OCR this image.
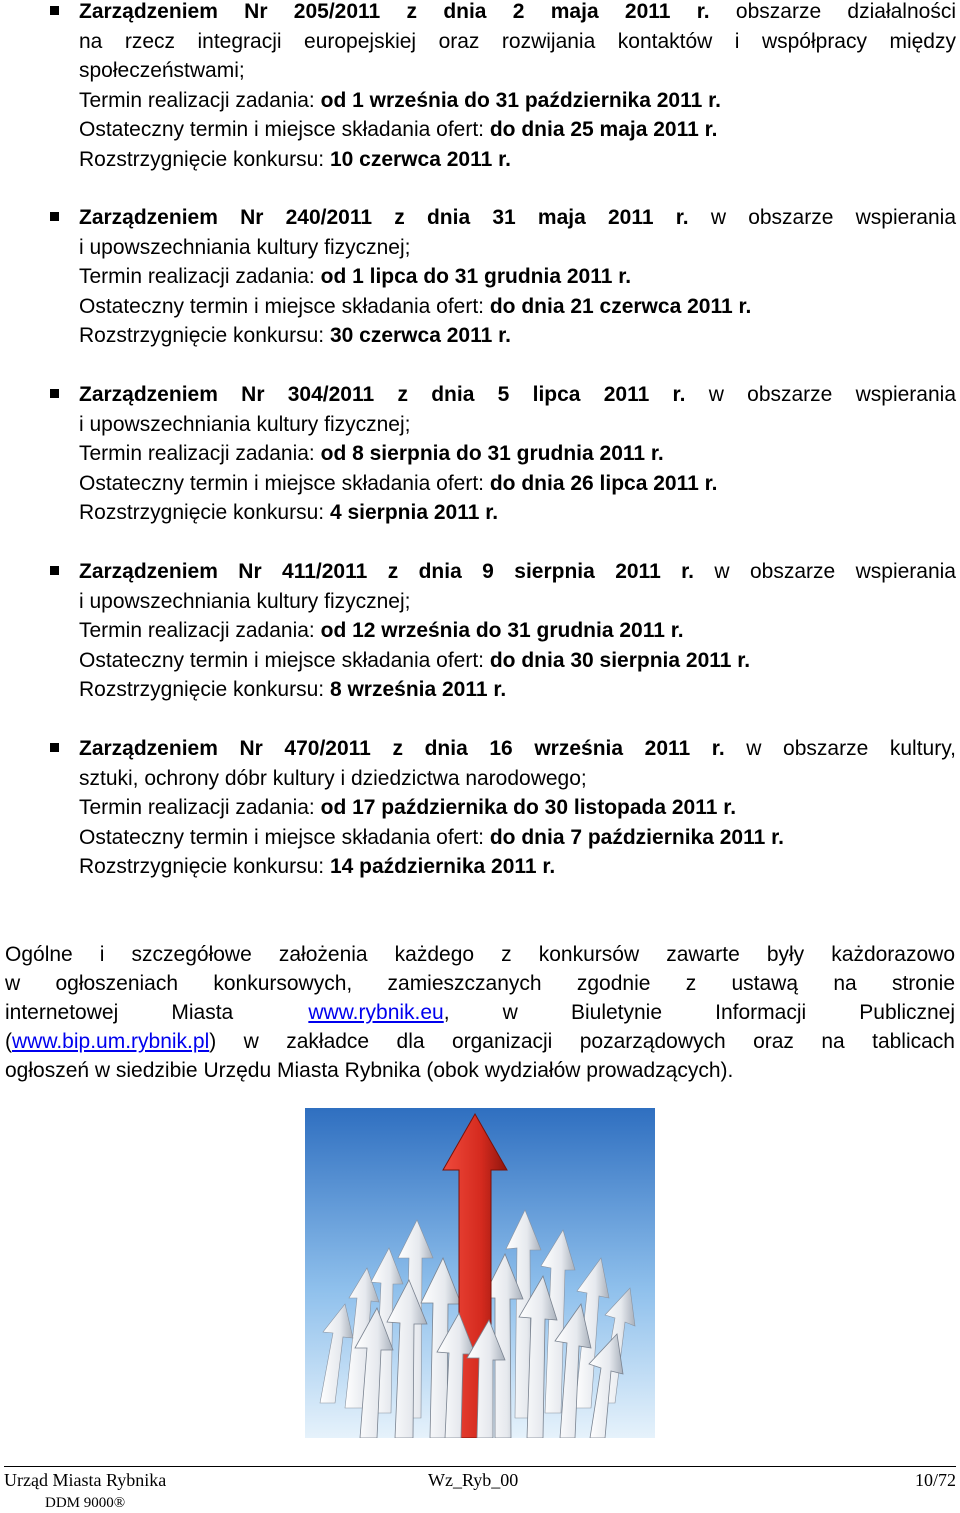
Zarządzeniem Nr 205/2011 z dnia 2 maja 2011 r. obszarze działalności
na rzecz integracji europejskiej oraz rozwijania kontaktów i współpracy między
społeczeństwami;
Termin realizacji zadania: od 1 września do 31 października 2011 r.
Ostateczny termin i miejsce składania ofert: do dnia 25 maja 2011 r.
Rozstrzygnięcie konkursu: 10 czerwca 2011 r.
Zarządzeniem Nr 240/2011 z dnia 31 maja 2011 r. w obszarze wspierania
i upowszechniania kultury fizycznej;
Termin realizacji zadania: od 1 lipca do 31 grudnia 2011 r.
Ostateczny termin i miejsce składania ofert: do dnia 21 czerwca 2011 r.
Rozstrzygnięcie konkursu: 30 czerwca 2011 r.
Zarządzeniem Nr 304/2011 z dnia 5 lipca 2011 r. w obszarze wspierania
i upowszechniania kultury fizycznej;
Termin realizacji zadania: od 8 sierpnia do 31 grudnia 2011 r.
Ostateczny termin i miejsce składania ofert: do dnia 26 lipca 2011 r.
Rozstrzygnięcie konkursu: 4 sierpnia 2011 r.
Zarządzeniem Nr 411/2011 z dnia 9 sierpnia 2011 r. w obszarze wspierania
i upowszechniania kultury fizycznej;
Termin realizacji zadania: od 12 września do 31 grudnia 2011 r.
Ostateczny termin i miejsce składania ofert: do dnia 30 sierpnia 2011 r.
Rozstrzygnięcie konkursu: 8 września 2011 r.
Zarządzeniem Nr 470/2011 z dnia 16 września 2011 r. w obszarze kultury,
sztuki, ochrony dóbr kultury i dziedzictwa narodowego;
Termin realizacji zadania: od 17 października do 30 listopada 2011 r.
Ostateczny termin i miejsce składania ofert: do dnia 7 października 2011 r.
Rozstrzygnięcie konkursu: 14 października 2011 r.
Ogólne i szczegółowe założenia każdego z konkursów zawarte były każdorazowo
w ogłoszeniach konkursowych, zamieszczanych zgodnie z ustawą na stronie
internetowej Miasta	www.rybnik.eu, w Biuletynie Informacji Publicznej
(www.bip.um.rybnik.pl) w zakładce dla organizacji pozarządowych oraz na tablicach
ogłoszeń w siedzibie Urzędu Miasta Rybnika (obok wydziałów prowadzących).
Urząd Miasta Rybnika	Wz_Ryb_00	10/72
DDM 9000®
